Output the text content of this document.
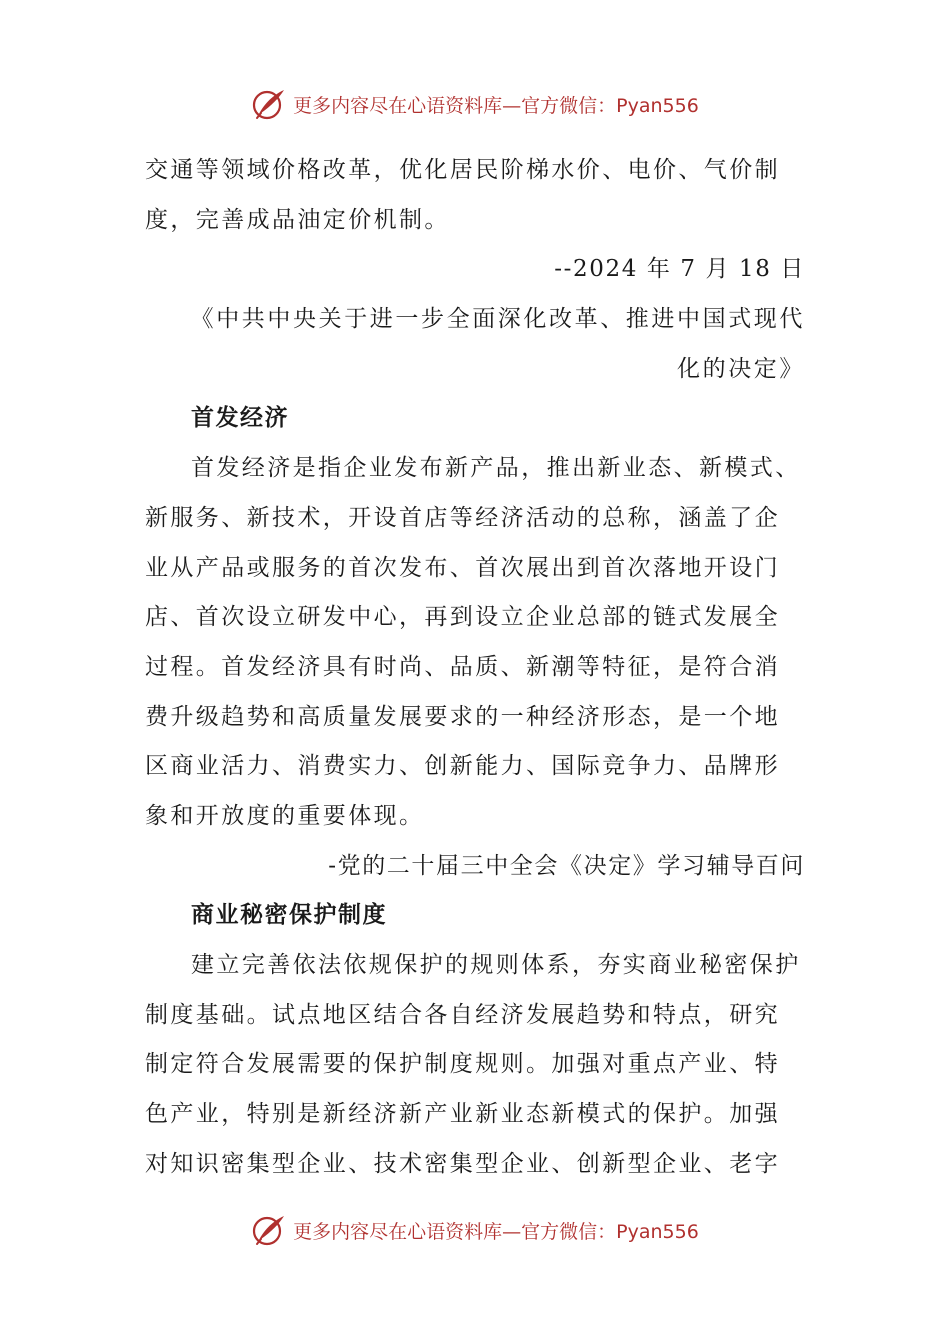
更多内容尽在心语资料库—官方微信：Pyan556
交通等领域价格改革，优化居民阶梯水价、电价、气价制
度，完善成品油定价机制。
--2024 年 7 月 18 日
《中共中央关于进一步全面深化改革、推进中国式现代
化的决定》
首发经济
首发经济是指企业发布新产品，推出新业态、新模式、
新服务、新技术，开设首店等经济活动的总称，涵盖了企
业从产品或服务的首次发布、首次展出到首次落地开设门
店、首次设立研发中心，再到设立企业总部的链式发展全
过程。首发经济具有时尚、品质、新潮等特征，是符合消
费升级趋势和高质量发展要求的一种经济形态，是一个地
区商业活力、消费实力、创新能力、国际竞争力、品牌形
象和开放度的重要体现。
-党的二十届三中全会《决定》学习辅导百问
商业秘密保护制度
建立完善依法依规保护的规则体系，夯实商业秘密保护
制度基础。试点地区结合各自经济发展趋势和特点，研究
制定符合发展需要的保护制度规则。加强对重点产业、特
色产业，特别是新经济新产业新业态新模式的保护。加强
对知识密集型企业、技术密集型企业、创新型企业、老字
更多内容尽在心语资料库—官方微信：Pyan556
